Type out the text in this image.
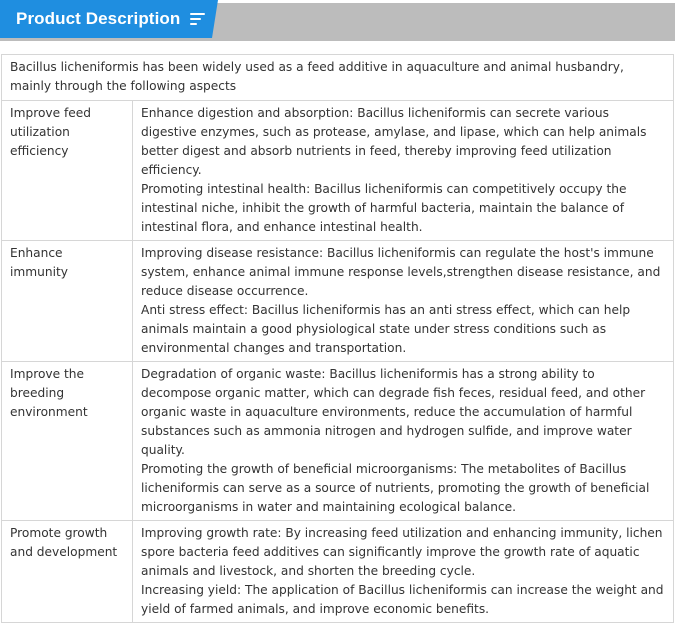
Product Description
Bacillus licheniformis has been widely used as a feed additive in aquaculture and animal husbandry, mainly through the following aspects	
Improve feed utilization efficiency	Enhance digestion and absorption: Bacillus licheniformis can secrete various digestive enzymes, such as protease, amylase, and lipase, which can help animals better digest and absorb nutrients in feed, thereby improving feed utilization efficiency.

Promoting intestinal health: Bacillus licheniformis can competitively occupy the intestinal niche, inhibit the growth of harmful bacteria, maintain the balance of intestinal flora, and enhance intestinal health.

Enhance immunity	Improving disease resistance: Bacillus licheniformis can regulate the host's immune system, enhance animal immune response levels,strengthen disease resistance, and reduce disease occurrence.

Anti stress effect: Bacillus licheniformis has an anti stress effect, which can help animals maintain a good physiological state under stress conditions such as environmental changes and transportation.

Improve the breeding environment	Degradation of organic waste: Bacillus licheniformis has a strong ability to decompose organic matter, which can degrade fish feces, residual feed, and other organic waste in aquaculture environments, reduce the accumulation of harmful substances such as ammonia nitrogen and hydrogen sulfide, and improve water quality.

Promoting the growth of beneficial microorganisms: The metabolites of Bacillus licheniformis can serve as a source of nutrients, promoting the growth of beneficial microorganisms in water and maintaining ecological balance.

Promote growth and development	Improving growth rate: By increasing feed utilization and enhancing immunity, lichen spore bacteria feed additives can significantly improve the growth rate of aquatic animals and livestock, and shorten the breeding cycle.

Increasing yield: The application of Bacillus licheniformis can increase the weight and yield of farmed animals, and improve economic benefits.
